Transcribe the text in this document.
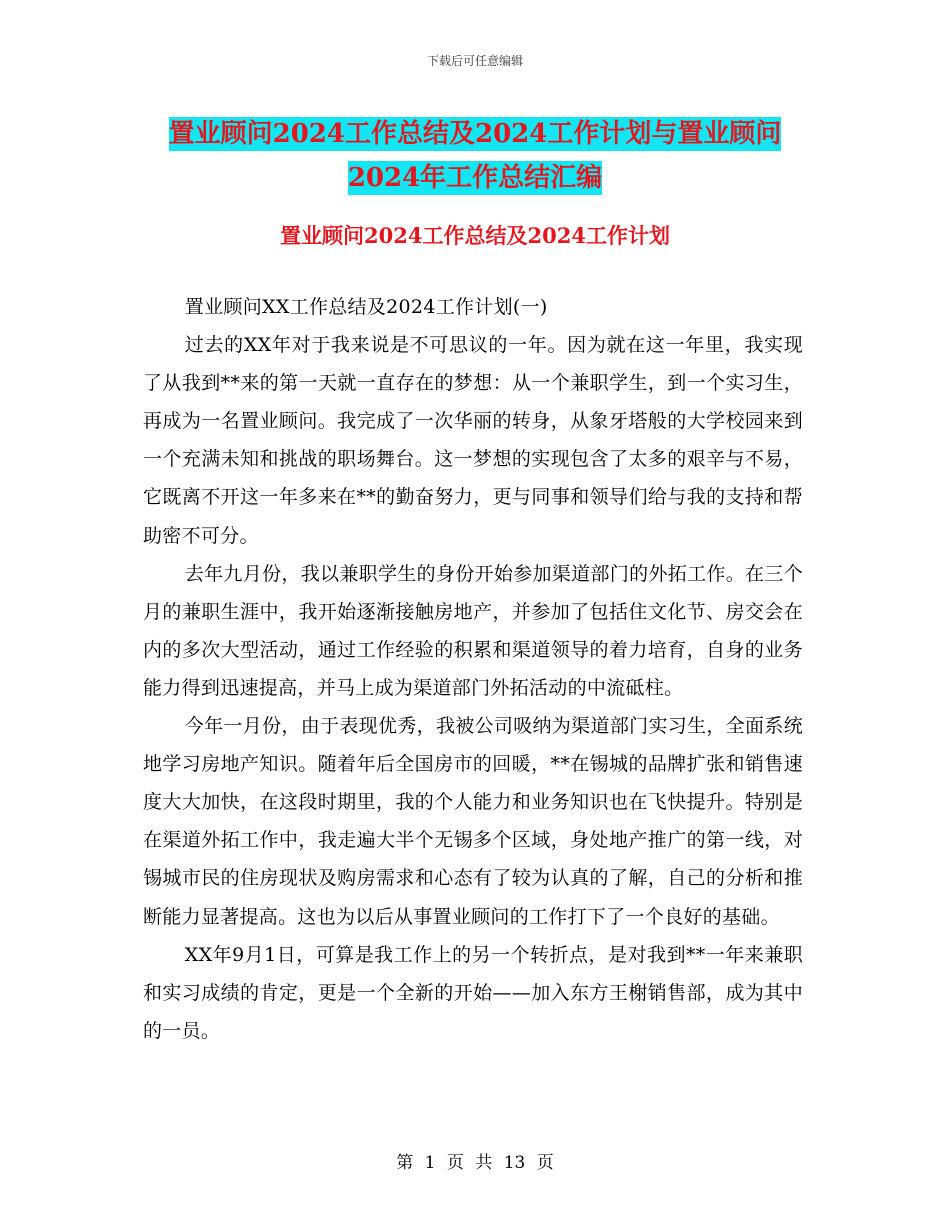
下载后可任意编辑
置业顾问2024工作总结及2024工作计划与置业顾问
2024年工作总结汇编
置业顾问2024工作总结及2024工作计划

置业顾问XX工作总结及2024工作计划(一)

过去的XX年对于我来说是不可思议的一年。因为就在这一年里，我实现了从我到**来的第一天就一直存在的梦想：从一个兼职学生，到一个实习生，再成为一名置业顾问。我完成了一次华丽的转身，从象牙塔般的大学校园来到一个充满未知和挑战的职场舞台。这一梦想的实现包含了太多的艰辛与不易，它既离不开这一年多来在**的勤奋努力，更与同事和领导们给与我的支持和帮助密不可分。

去年九月份，我以兼职学生的身份开始参加渠道部门的外拓工作。在三个月的兼职生涯中，我开始逐渐接触房地产，并参加了包括住文化节、房交会在内的多次大型活动，通过工作经验的积累和渠道领导的着力培育，自身的业务能力得到迅速提高，并马上成为渠道部门外拓活动的中流砥柱。

今年一月份，由于表现优秀，我被公司吸纳为渠道部门实习生，全面系统地学习房地产知识。随着年后全国房市的回暖，**在锡城的品牌扩张和销售速度大大加快，在这段时期里，我的个人能力和业务知识也在飞快提升。特别是在渠道外拓工作中，我走遍大半个无锡多个区域，身处地产推广的第一线，对锡城市民的住房现状及购房需求和心态有了较为认真的了解，自己的分析和推断能力显著提高。这也为以后从事置业顾问的工作打下了一个良好的基础。

XX年9月1日，可算是我工作上的另一个转折点，是对我到**一年来兼职和实习成绩的肯定，更是一个全新的开始——加入东方王榭销售部，成为其中的一员。

第 1 页 共 13 页
